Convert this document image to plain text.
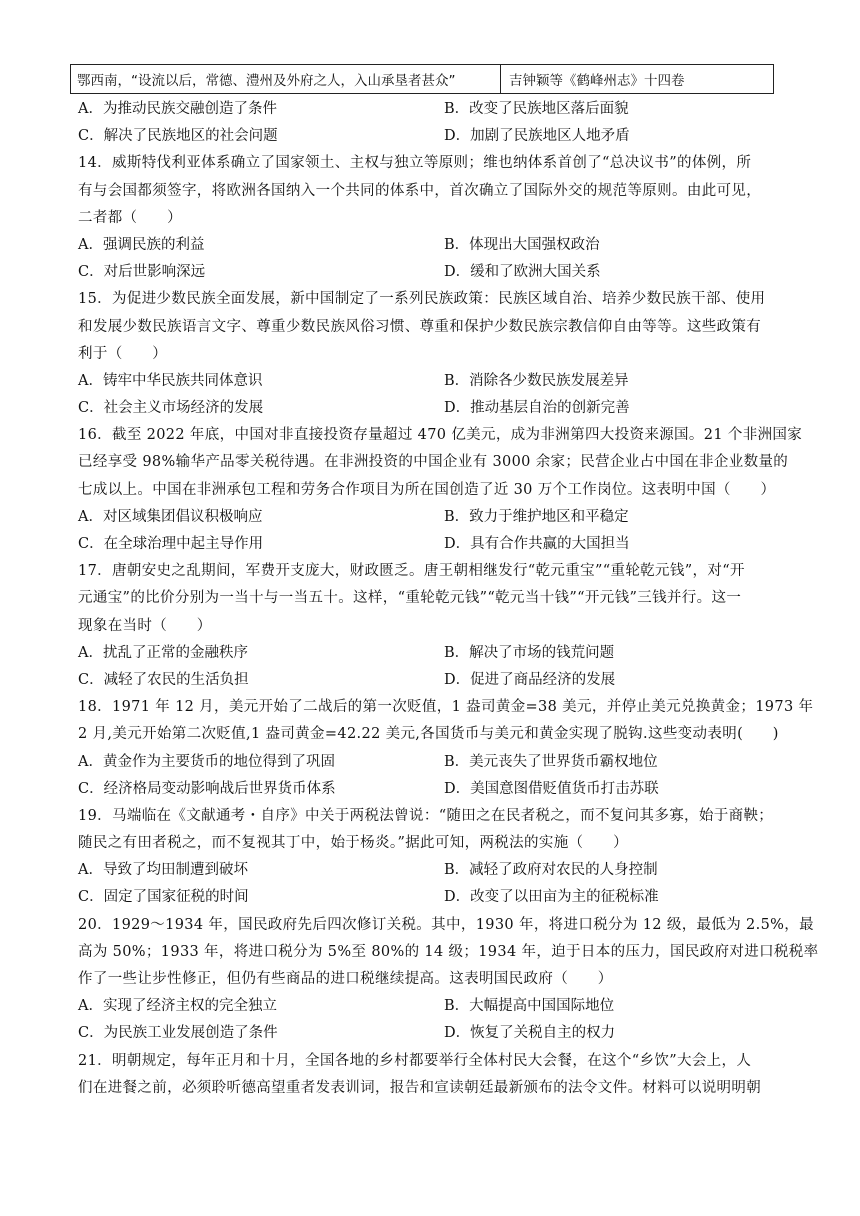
鄂西南，“设流以后，常德、澧州及外府之人，入山承垦者甚众”	吉钟颖等《鹤峰州志》十四卷
A．为推动民族交融创造了条件	B．改变了民族地区落后面貌
C．解决了民族地区的社会问题	D．加剧了民族地区人地矛盾
14．威斯特伐利亚体系确立了国家领土、主权与独立等原则；维也纳体系首创了“总决议书”的体例，所
有与会国都须签字，将欧洲各国纳入一个共同的体系中，首次确立了国际外交的规范等原则。由此可见，
二者都（　　）
A．强调民族的利益	B．体现出大国强权政治
C．对后世影响深远	D．缓和了欧洲大国关系
15．为促进少数民族全面发展，新中国制定了一系列民族政策：民族区域自治、培养少数民族干部、使用
和发展少数民族语言文字、尊重少数民族风俗习惯、尊重和保护少数民族宗教信仰自由等等。这些政策有
利于（　　）
A．铸牢中华民族共同体意识	B．消除各少数民族发展差异
C．社会主义市场经济的发展	D．推动基层自治的创新完善
16．截至 2022 年底，中国对非直接投资存量超过 470 亿美元，成为非洲第四大投资来源国。21 个非洲国家
已经享受 98%输华产品零关税待遇。在非洲投资的中国企业有 3000 余家；民营企业占中国在非企业数量的
七成以上。中国在非洲承包工程和劳务合作项目为所在国创造了近 30 万个工作岗位。这表明中国（　　）
A．对区域集团倡议积极响应	B．致力于维护地区和平稳定
C．在全球治理中起主导作用	D．具有合作共赢的大国担当
17．唐朝安史之乱期间，军费开支庞大，财政匮乏。唐王朝相继发行“乾元重宝”“重轮乾元钱”，对“开
元通宝”的比价分别为一当十与一当五十。这样，“重轮乾元钱”“乾元当十钱”“开元钱”三钱并行。这一
现象在当时（　　）
A．扰乱了正常的金融秩序	B．解决了市场的钱荒问题
C．减轻了农民的生活负担	D．促进了商品经济的发展
18．1971 年 12 月，美元开始了二战后的第一次贬值，1 盎司黄金=38 美元，并停止美元兑换黄金；1973 年
2 月,美元开始第二次贬值,1 盎司黄金=42.22 美元,各国货币与美元和黄金实现了脱钩.这些变动表明(　　)
A．黄金作为主要货币的地位得到了巩固	B．美元丧失了世界货币霸权地位
C．经济格局变动影响战后世界货币体系	D．美国意图借贬值货币打击苏联
19．马端临在《文献通考・自序》中关于两税法曾说：“随田之在民者税之，而不复问其多寡，始于商鞅；
随民之有田者税之，而不复视其丁中，始于杨炎。”据此可知，两税法的实施（　　）
A．导致了均田制遭到破坏	B．减轻了政府对农民的人身控制
C．固定了国家征税的时间	D．改变了以田亩为主的征税标准
20．1929～1934 年，国民政府先后四次修订关税。其中，1930 年，将进口税分为 12 级，最低为 2.5%，最
高为 50%；1933 年，将进口税分为 5%至 80%的 14 级；1934 年，迫于日本的压力，国民政府对进口税税率
作了一些让步性修正，但仍有些商品的进口税继续提高。这表明国民政府（　　）
A．实现了经济主权的完全独立	B．大幅提高中国国际地位
C．为民族工业发展创造了条件	D．恢复了关税自主的权力
21．明朝规定，每年正月和十月，全国各地的乡村都要举行全体村民大会餐，在这个“乡饮”大会上，人
们在进餐之前，必须聆听德高望重者发表训词，报告和宣读朝廷最新颁布的法令文件。材料可以说明明朝
